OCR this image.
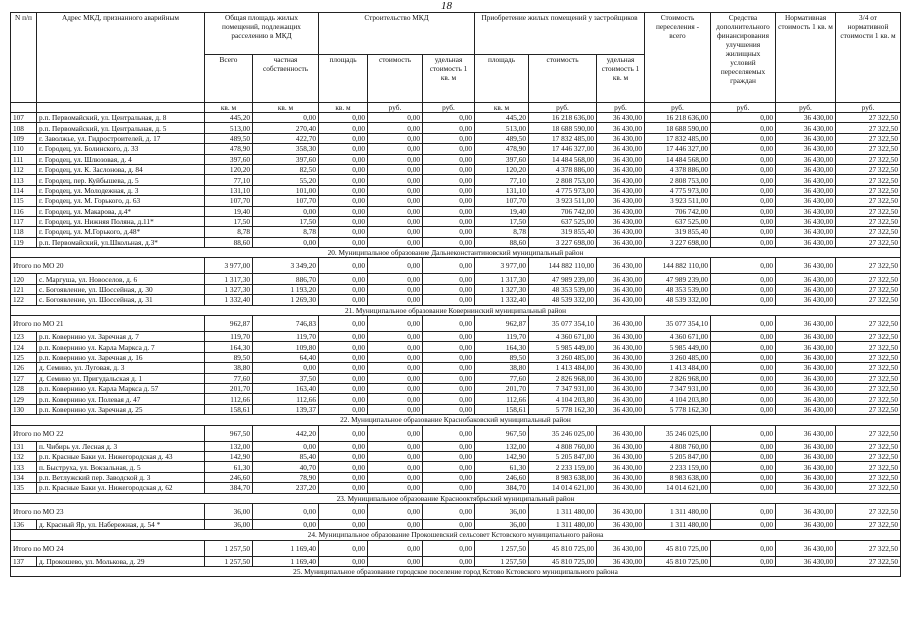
18
N п/п	Адрес МКД, признанного аварийным	Общая площадь жилых помещений, подлежащих расселению в МКД		Строительство МКД			Приобретение жилых помещений у застройщиков			Стоимость переселения - всего	Средства дополнительного финансирования улучшения жилищных условий переселяемых граждан	Нормативная стоимость 1 кв. м	3/4 от нормативной стоимости 1 кв. м
		Всего	частная собственность	площадь	стоимость	удельная стоимость 1 кв. м	площадь	стоимость	удельная стоимость 1 кв. м				
		кв. м	кв. м	кв. м	руб.	руб.	кв. м	руб.	руб.	руб.	руб.	руб.	руб.
107	р.п. Первомайский, ул. Центральная, д. 8	445,20	0,00	0,00	0,00	0,00	445,20	16 218 636,00	36 430,00	16 218 636,00	0,00	36 430,00	27 322,50
108	р.п. Первомайский, ул. Центральная, д. 5	513,00	270,40	0,00	0,00	0,00	513,00	18 688 590,00	36 430,00	18 688 590,00	0,00	36 430,00	27 322,50
109	г. Заволжье, ул. Гидростроителей, д. 17	489,50	422,70	0,00	0,00	0,00	489,50	17 832 485,00	36 430,00	17 832 485,00	0,00	36 430,00	27 322,50
110	г. Городец, ул. Болинского, д. 33	478,90	358,30	0,00	0,00	0,00	478,90	17 446 327,00	36 430,00	17 446 327,00	0,00	36 430,00	27 322,50
111	г. Городец, ул. Шлюзовая, д. 4	397,60	397,60	0,00	0,00	0,00	397,60	14 484 568,00	36 430,00	14 484 568,00	0,00	36 430,00	27 322,50
112	г. Городец, ул. К. Заслонова, д. 84	120,20	82,50	0,00	0,00	0,00	120,20	4 378 886,00	36 430,00	4 378 886,00	0,00	36 430,00	27 322,50
113	г. Городец, пер. Куйбышева, д. 5	77,10	55,20	0,00	0,00	0,00	77,10	2 808 753,00	36 430,00	2 808 753,00	0,00	36 430,00	27 322,50
114	г. Городец, ул. Молодежная, д. 3	131,10	101,00	0,00	0,00	0,00	131,10	4 775 973,00	36 430,00	4 775 973,00	0,00	36 430,00	27 322,50
115	г. Городец, ул. М. Горького, д. 63	107,70	107,70	0,00	0,00	0,00	107,70	3 923 511,00	36 430,00	3 923 511,00	0,00	36 430,00	27 322,50
116	г. Городец, ул. Макарова, д.4*	19,40	0,00	0,00	0,00	0,00	19,40	706 742,00	36 430,00	706 742,00	0,00	36 430,00	27 322,50
117	г. Городец, ул. Нижняя Поляна, д.11*	17,50	17,50	0,00	0,00	0,00	17,50	637 525,00	36 430,00	637 525,00	0,00	36 430,00	27 322,50
118	г. Городец, ул. М.Горького, д.48*	8,78	8,78	0,00	0,00	0,00	8,78	319 855,40	36 430,00	319 855,40	0,00	36 430,00	27 322,50
119	р.п. Первомайский, ул.Школьная, д.3*	88,60	0,00	0,00	0,00	0,00	88,60	3 227 698,00	36 430,00	3 227 698,00	0,00	36 430,00	27 322,50
20. Муниципальное образование Дальнеконстантиновский муниципальный район													
Итого по МО 20		3 977,00	3 349,20	0,00	0,00	0,00	3 977,00	144 882 110,00	36 430,00	144 882 110,00	0,00	36 430,00	27 322,50
120	с. Маргуша, ул. Новоселов, д. 6	1 317,30	886,70	0,00	0,00	0,00	1 317,30	47 989 239,00	36 430,00	47 989 239,00	0,00	36 430,00	27 322,50
121	с. Богоявление, ул. Шоссейная, д. 30	1 327,30	1 193,20	0,00	0,00	0,00	1 327,30	48 353 539,00	36 430,00	48 353 539,00	0,00	36 430,00	27 322,50
122	с. Богоявление, ул. Шоссейная, д. 31	1 332,40	1 269,30	0,00	0,00	0,00	1 332,40	48 539 332,00	36 430,00	48 539 332,00	0,00	36 430,00	27 322,50
21. Муниципальное образование Ковернинский муниципальный район													
Итого по МО 21		962,87	746,83	0,00	0,00	0,00	962,87	35 077 354,10	36 430,00	35 077 354,10	0,00	36 430,00	27 322,50
123	р.п. Ковернино ул. Заречная д. 7	119,70	119,70	0,00	0,00	0,00	119,70	4 360 671,00	36 430,00	4 360 671,00	0,00	36 430,00	27 322,50
124	р.п. Ковернино ул. Карла Маркса д. 7	164,30	109,80	0,00	0,00	0,00	164,30	5 985 449,00	36 430,00	5 985 449,00	0,00	36 430,00	27 322,50
125	р.п. Ковернино ул. Заречная д. 16	89,50	64,40	0,00	0,00	0,00	89,50	3 260 485,00	36 430,00	3 260 485,00	0,00	36 430,00	27 322,50
126	д. Семино, ул. Луговая, д. 3	38,80	0,00	0,00	0,00	0,00	38,80	1 413 484,00	36 430,00	1 413 484,00	0,00	36 430,00	27 322,50
127	д. Семино ул. Пригудальская д. 1	77,60	37,50	0,00	0,00	0,00	77,60	2 826 968,00	36 430,00	2 826 968,00	0,00	36 430,00	27 322,50
128	р.п. Ковернино ул. Карла Маркса д. 57	201,70	163,40	0,00	0,00	0,00	201,70	7 347 931,00	36 430,00	7 347 931,00	0,00	36 430,00	27 322,50
129	р.п. Ковернино ул. Полевая д. 47	112,66	112,66	0,00	0,00	0,00	112,66	4 104 203,80	36 430,00	4 104 203,80	0,00	36 430,00	27 322,50
130	р.п. Ковернино ул. Заречная д. 25	158,61	139,37	0,00	0,00	0,00	158,61	5 778 162,30	36 430,00	5 778 162,30	0,00	36 430,00	27 322,50
22. Муниципальное образование Краснобаковский муниципальный район													
Итого по МО 22		967,50	442,20	0,00	0,00	0,00	967,50	35 246 025,00	36 430,00	35 246 025,00	0,00	36 430,00	27 322,50
131	п. Чибирь ул. Лесная д. 3	132,00	0,00	0,00	0,00	0,00	132,00	4 808 760,00	36 430,00	4 808 760,00	0,00	36 430,00	27 322,50
132	р.п. Красные Баки ул. Нижегородская д. 43	142,90	85,40	0,00	0,00	0,00	142,90	5 205 847,00	36 430,00	5 205 847,00	0,00	36 430,00	27 322,50
133	п. Быструха, ул. Вокзальная, д. 5	61,30	40,70	0,00	0,00	0,00	61,30	2 233 159,00	36 430,00	2 233 159,00	0,00	36 430,00	27 322,50
134	р.п. Ветлужский пер. Заводской д. 3	246,60	78,90	0,00	0,00	0,00	246,60	8 983 638,00	36 430,00	8 983 638,00	0,00	36 430,00	27 322,50
135	р.п. Красные Баки ул. Нижегородская д. 62	384,70	237,20	0,00	0,00	0,00	384,70	14 014 621,00	36 430,00	14 014 621,00	0,00	36 430,00	27 322,50
23. Муниципальное образование Краснооктябрьский муниципальный район													
Итого по МО 23		36,00	0,00	0,00	0,00	0,00	36,00	1 311 480,00	36 430,00	1 311 480,00	0,00	36 430,00	27 322,50
136	д. Красный Яр, ул. Набережная, д. 54 *	36,00	0,00	0,00	0,00	0,00	36,00	1 311 480,00	36 430,00	1 311 480,00	0,00	36 430,00	27 322,50
24. Муниципальное образование Прокошевский сельсовет Кстовского муниципального района													
Итого по МО 24		1 257,50	1 169,40	0,00	0,00	0,00	1 257,50	45 810 725,00	36 430,00	45 810 725,00	0,00	36 430,00	27 322,50
137	д. Прокошево, ул. Молькова, д. 29	1 257,50	1 169,40	0,00	0,00	0,00	1 257,50	45 810 725,00	36 430,00	45 810 725,00	0,00	36 430,00	27 322,50
25. Муниципальное образование городское поселение город Кстово Кстовского муниципального района													
